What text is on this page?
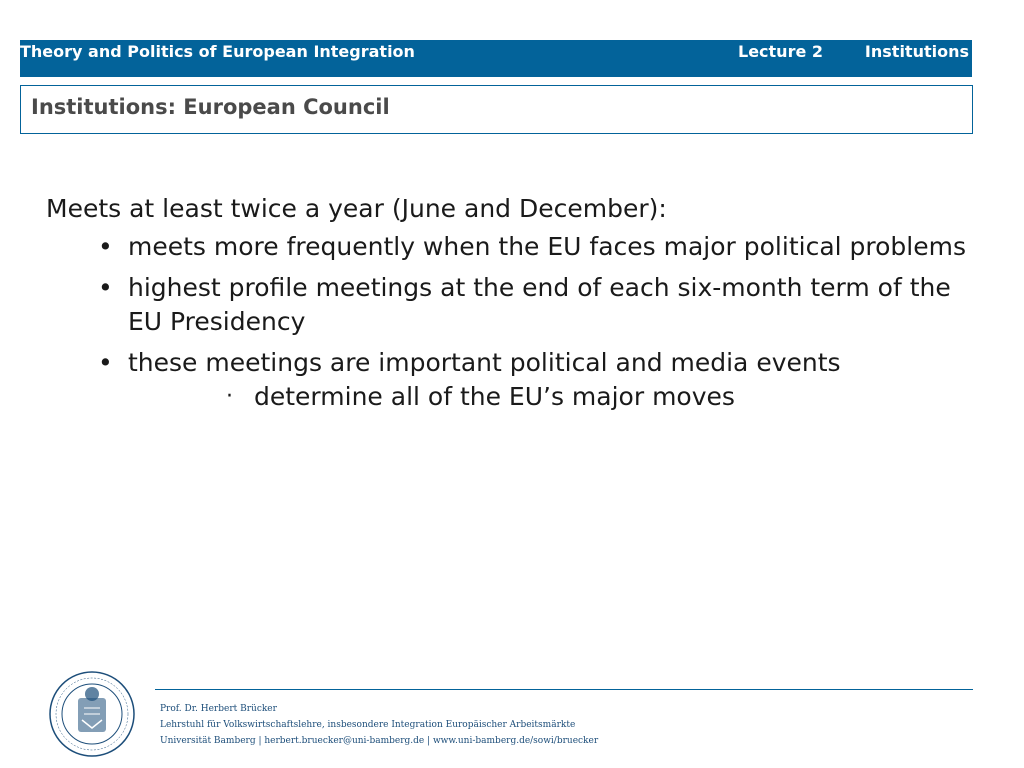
Theory and Politics of European Integration	Lecture 2	Institutions
Institutions: European Council

Meets at least twice a year (June and December):

• meets more frequently when the EU faces major political problems
• highest profile meetings at the end of each six-month term of the EU Presidency
• these meetings are important political and media events
· determine all of the EU’s major moves
Prof. Dr. Herbert Brücker
Lehrstuhl für Volkswirtschaftslehre, insbesondere Integration Europäischer Arbeitsmärkte
Universität Bamberg | herbert.bruecker@uni-bamberg.de | www.uni-bamberg.de/sowi/bruecker
